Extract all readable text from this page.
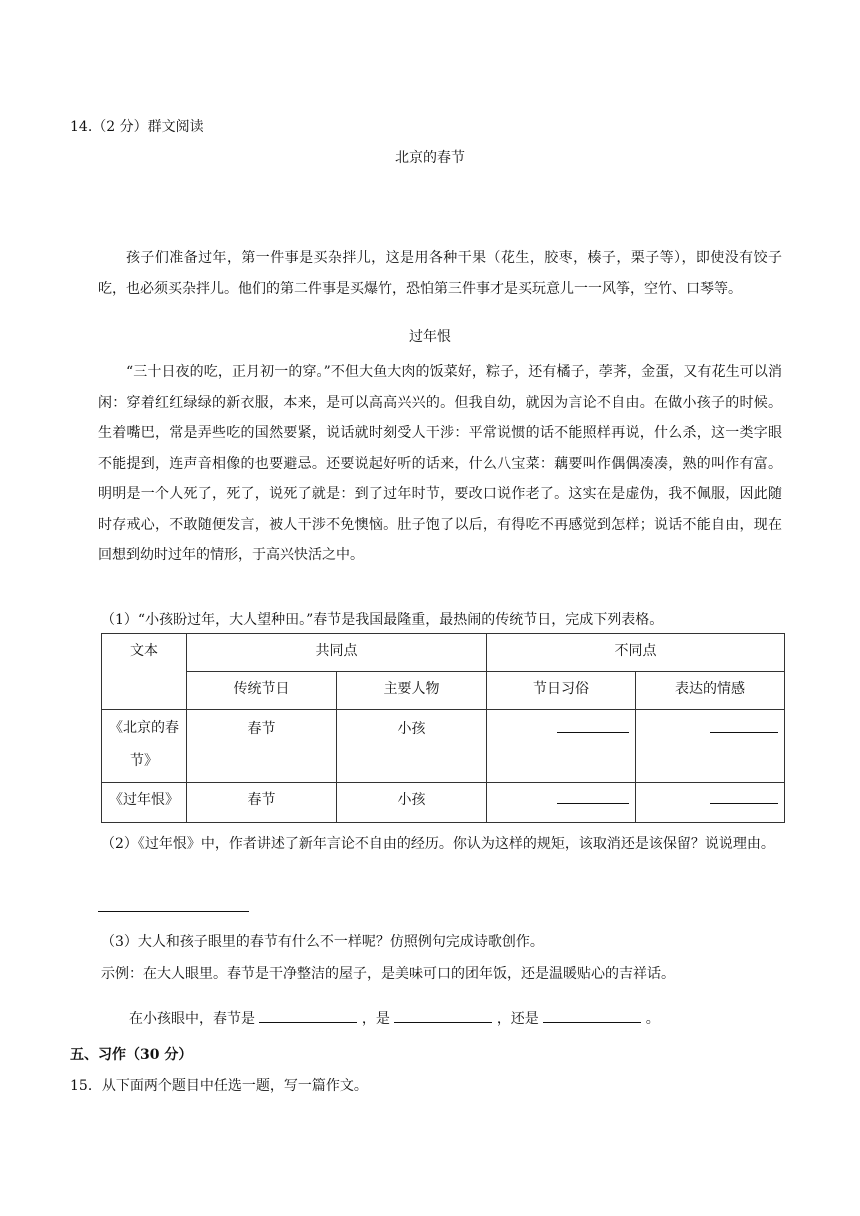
14.（2 分）群文阅读
北京的春节

孩子们准备过年，第一件事是买杂拌儿，这是用各种干果（花生，胶枣，楱子，栗子等），即使没有饺子吃，也必须买杂拌儿。他们的第二件事是买爆竹，恐怕第三件事才是买玩意儿一一风筝，空竹、口琴等。

过年恨

“三十日夜的吃，正月初一的穿。”不但大鱼大肉的饭菜好，粽子，还有橘子，荸荠，金蛋，又有花生可以消闲：穿着红红绿绿的新衣服，本来，是可以高高兴兴的。但我自幼，就因为言论不自由。在做小孩子的时候。生着嘴巴，常是弄些吃的国然要紧，说话就时刻受人干涉：平常说惯的话不能照样再说，什么杀，这一类字眼不能提到，连声音相像的也要避忌。还要说起好听的话来，什么八宝菜：藕要叫作偶偶凑凑，熟的叫作有富。明明是一个人死了，死了，说死了就是：到了过年时节，要改口说作老了。这实在是虚伪，我不佩服，因此随时存戒心，不敢随便发言，被人干涉不免懊恼。肚子饱了以后，有得吃不再感觉到怎样；说话不能自由，现在回想到幼时过年的情形，于高兴快活之中。

（1）“小孩盼过年，大人望种田。”春节是我国最隆重，最热闹的传统节日，完成下列表格。
文本	共同点		不同点	
	传统节日	主要人物	节日习俗	表达的情感
《北京的春节》	春节	小孩		
《过年恨》	春节	小孩		
（2）《过年恨》中，作者讲述了新年言论不自由的经历。你认为这样的规矩，该取消还是该保留？说说理由。
（3）大人和孩子眼里的春节有什么不一样呢？仿照例句完成诗歌创作。
示例：在大人眼里。春节是干净整洁的屋子，是美味可口的团年饭，还是温暖贴心的吉祥话。
在小孩眼中，春节是	，是	，还是	。
五、习作（30 分）
15．从下面两个题目中任选一题，写一篇作文。
